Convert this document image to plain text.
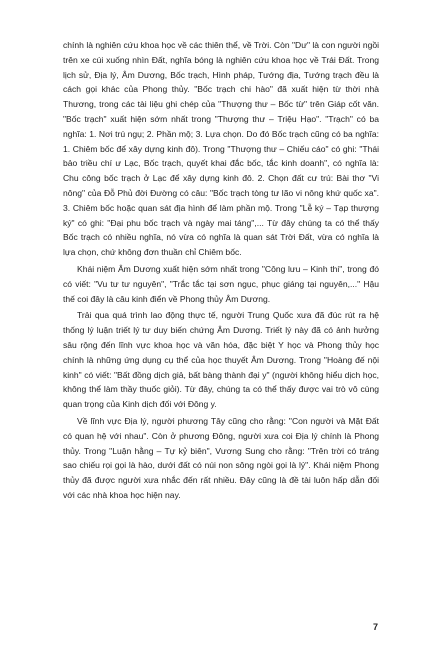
chính là nghiên cứu khoa học về các thiên thể, về Trời. Còn "Dư" là con người ngồi trên xe cúi xuống nhìn Đất, nghĩa bóng là nghiên cứu khoa học về Trái Đất. Trong lịch sử, Địa lý, Âm Dương, Bốc trạch, Hình pháp, Tướng địa, Tướng trạch đều là cách gọi khác của Phong thủy. "Bốc trạch chi hào" đã xuất hiện từ thời nhà Thương, trong các tài liệu ghi chép của "Thượng thư – Bốc từ" trên Giáp cốt văn. "Bốc trạch" xuất hiện sớm nhất trong "Thượng thư – Triệu Hạo". "Trạch" có ba nghĩa: 1. Nơi trú ngụ; 2. Phần mộ; 3. Lựa chọn. Do đó Bốc trạch cũng có ba nghĩa: 1. Chiêm bốc để xây dựng kinh đô). Trong "Thượng thư – Chiếu cáo" có ghi: "Thái bảo triều chí ư Lạc, Bốc trạch, quyết khai đắc bốc, tắc kinh doanh", có nghĩa là: Chu công bốc trạch ở Lạc để xây dựng kinh đô. 2. Chọn đất cư trú: Bài thơ "Vi nông" của Đỗ Phủ đời Đường có câu: "Bốc trạch tòng tư lão vi nông khứ quốc xa". 3. Chiêm bốc hoặc quan sát địa hình để làm phần mộ. Trong "Lễ ký – Tạp thượng ký" có ghi: "Đại phu bốc trạch và ngày mai táng",... Từ đây chúng ta có thể thấy Bốc trạch có nhiều nghĩa, nó vừa có nghĩa là quan sát Trời Đất, vừa có nghĩa là lựa chọn, chứ không đơn thuần chỉ Chiêm bốc.

Khái niệm Âm Dương xuất hiện sớm nhất trong "Công lưu – Kinh thi", trong đó có viết: "Vu tư tư nguyên", "Trắc tắc tại sơn ngục, phục giáng tại nguyên,..." Hậu thế coi đây là câu kinh điển về Phong thủy Âm Dương.

Trải qua quá trình lao động thực tế, người Trung Quốc xưa đã đúc rút ra hệ thống lý luận triết lý tư duy biến chứng Âm Dương. Triết lý này đã có ảnh hưởng sâu rộng đến lĩnh vực khoa học và văn hóa, đặc biệt Y học và Phong thủy học chính là những ứng dụng cụ thể của học thuyết Âm Dương. Trong "Hoàng đế nội kinh" có viết: "Bất đồng dịch giả, bất bàng thành đại y" (người không hiểu dịch học, không thể làm thầy thuốc giỏi). Từ đây, chúng ta có thể thấy được vai trò vô cùng quan trọng của Kinh dịch đối với Đông y.

Về lĩnh vực Địa lý, người phương Tây cũng cho rằng: "Con người và Mặt Đất có quan hệ với nhau". Còn ở phương Đông, người xưa coi Địa lý chính là Phong thủy. Trong "Luận hằng – Tự kỷ biên", Vương Sung cho rằng: "Trên trời có tráng sao chiếu rọi gọi là hào, dưới đất có núi non sông ngòi gọi là lý". Khái niệm Phong thủy đã được người xưa nhắc đến rất nhiều. Đây cũng là đề tài luôn hấp dẫn đối với các nhà khoa học hiện nay.

7
